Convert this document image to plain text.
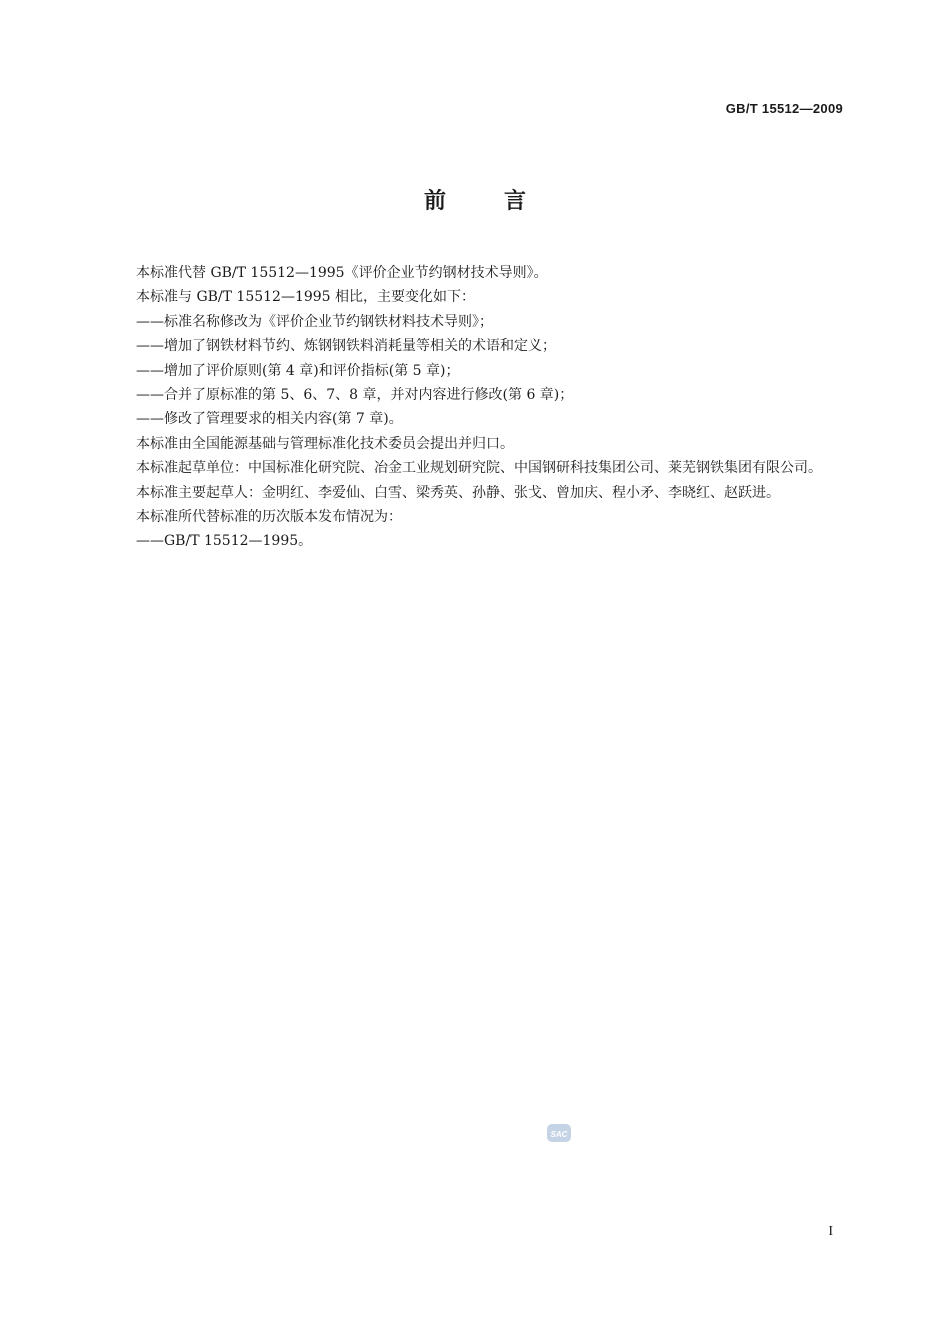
GB/T 15512—2009
前言

本标准代替 GB/T 15512—1995《评价企业节约钢材技术导则》。

本标准与 GB/T 15512—1995 相比，主要变化如下：

——标准名称修改为《评价企业节约钢铁材料技术导则》；

——增加了钢铁材料节约、炼钢钢铁料消耗量等相关的术语和定义；

——增加了评价原则(第 4 章)和评价指标(第 5 章)；

——合并了原标准的第 5、6、7、8 章，并对内容进行修改(第 6 章)；

——修改了管理要求的相关内容(第 7 章)。

本标准由全国能源基础与管理标准化技术委员会提出并归口。

本标准起草单位：中国标准化研究院、冶金工业规划研究院、中国钢研科技集团公司、莱芜钢铁集团有限公司。

本标准主要起草人：金明红、李爱仙、白雪、梁秀英、孙静、张戈、曾加庆、程小矛、李晓红、赵跃进。

本标准所代替标准的历次版本发布情况为：

——GB/T 15512—1995。

SAC
I
